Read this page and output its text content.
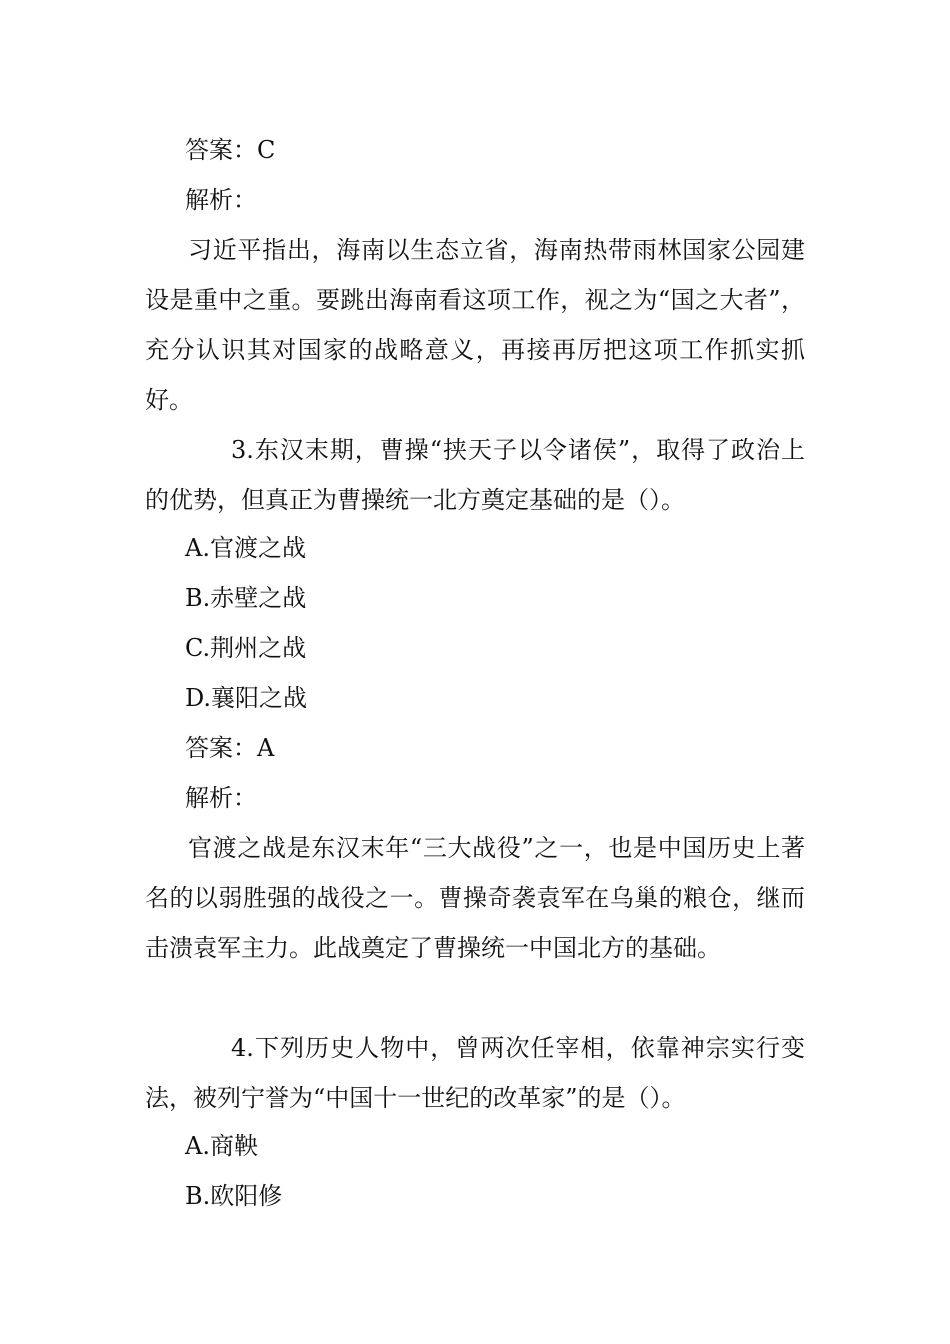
答案：C
解析：
习近平指出，海南以生态立省，海南热带雨林国家公园建设是重中之重。要跳出海南看这项工作，视之为“国之大者”，充分认识其对国家的战略意义，再接再厉把这项工作抓实抓好。
3.东汉末期，曹操“挟天子以令诸侯”，取得了政治上的优势，但真正为曹操统一北方奠定基础的是（）。
A.官渡之战
B.赤壁之战
C.荆州之战
D.襄阳之战
答案：A
解析：
官渡之战是东汉末年“三大战役”之一，也是中国历史上著名的以弱胜强的战役之一。曹操奇袭袁军在乌巢的粮仓，继而击溃袁军主力。此战奠定了曹操统一中国北方的基础。
4.下列历史人物中，曾两次任宰相，依靠神宗实行变法，被列宁誉为“中国十一世纪的改革家”的是（）。
A.商鞅
B.欧阳修
